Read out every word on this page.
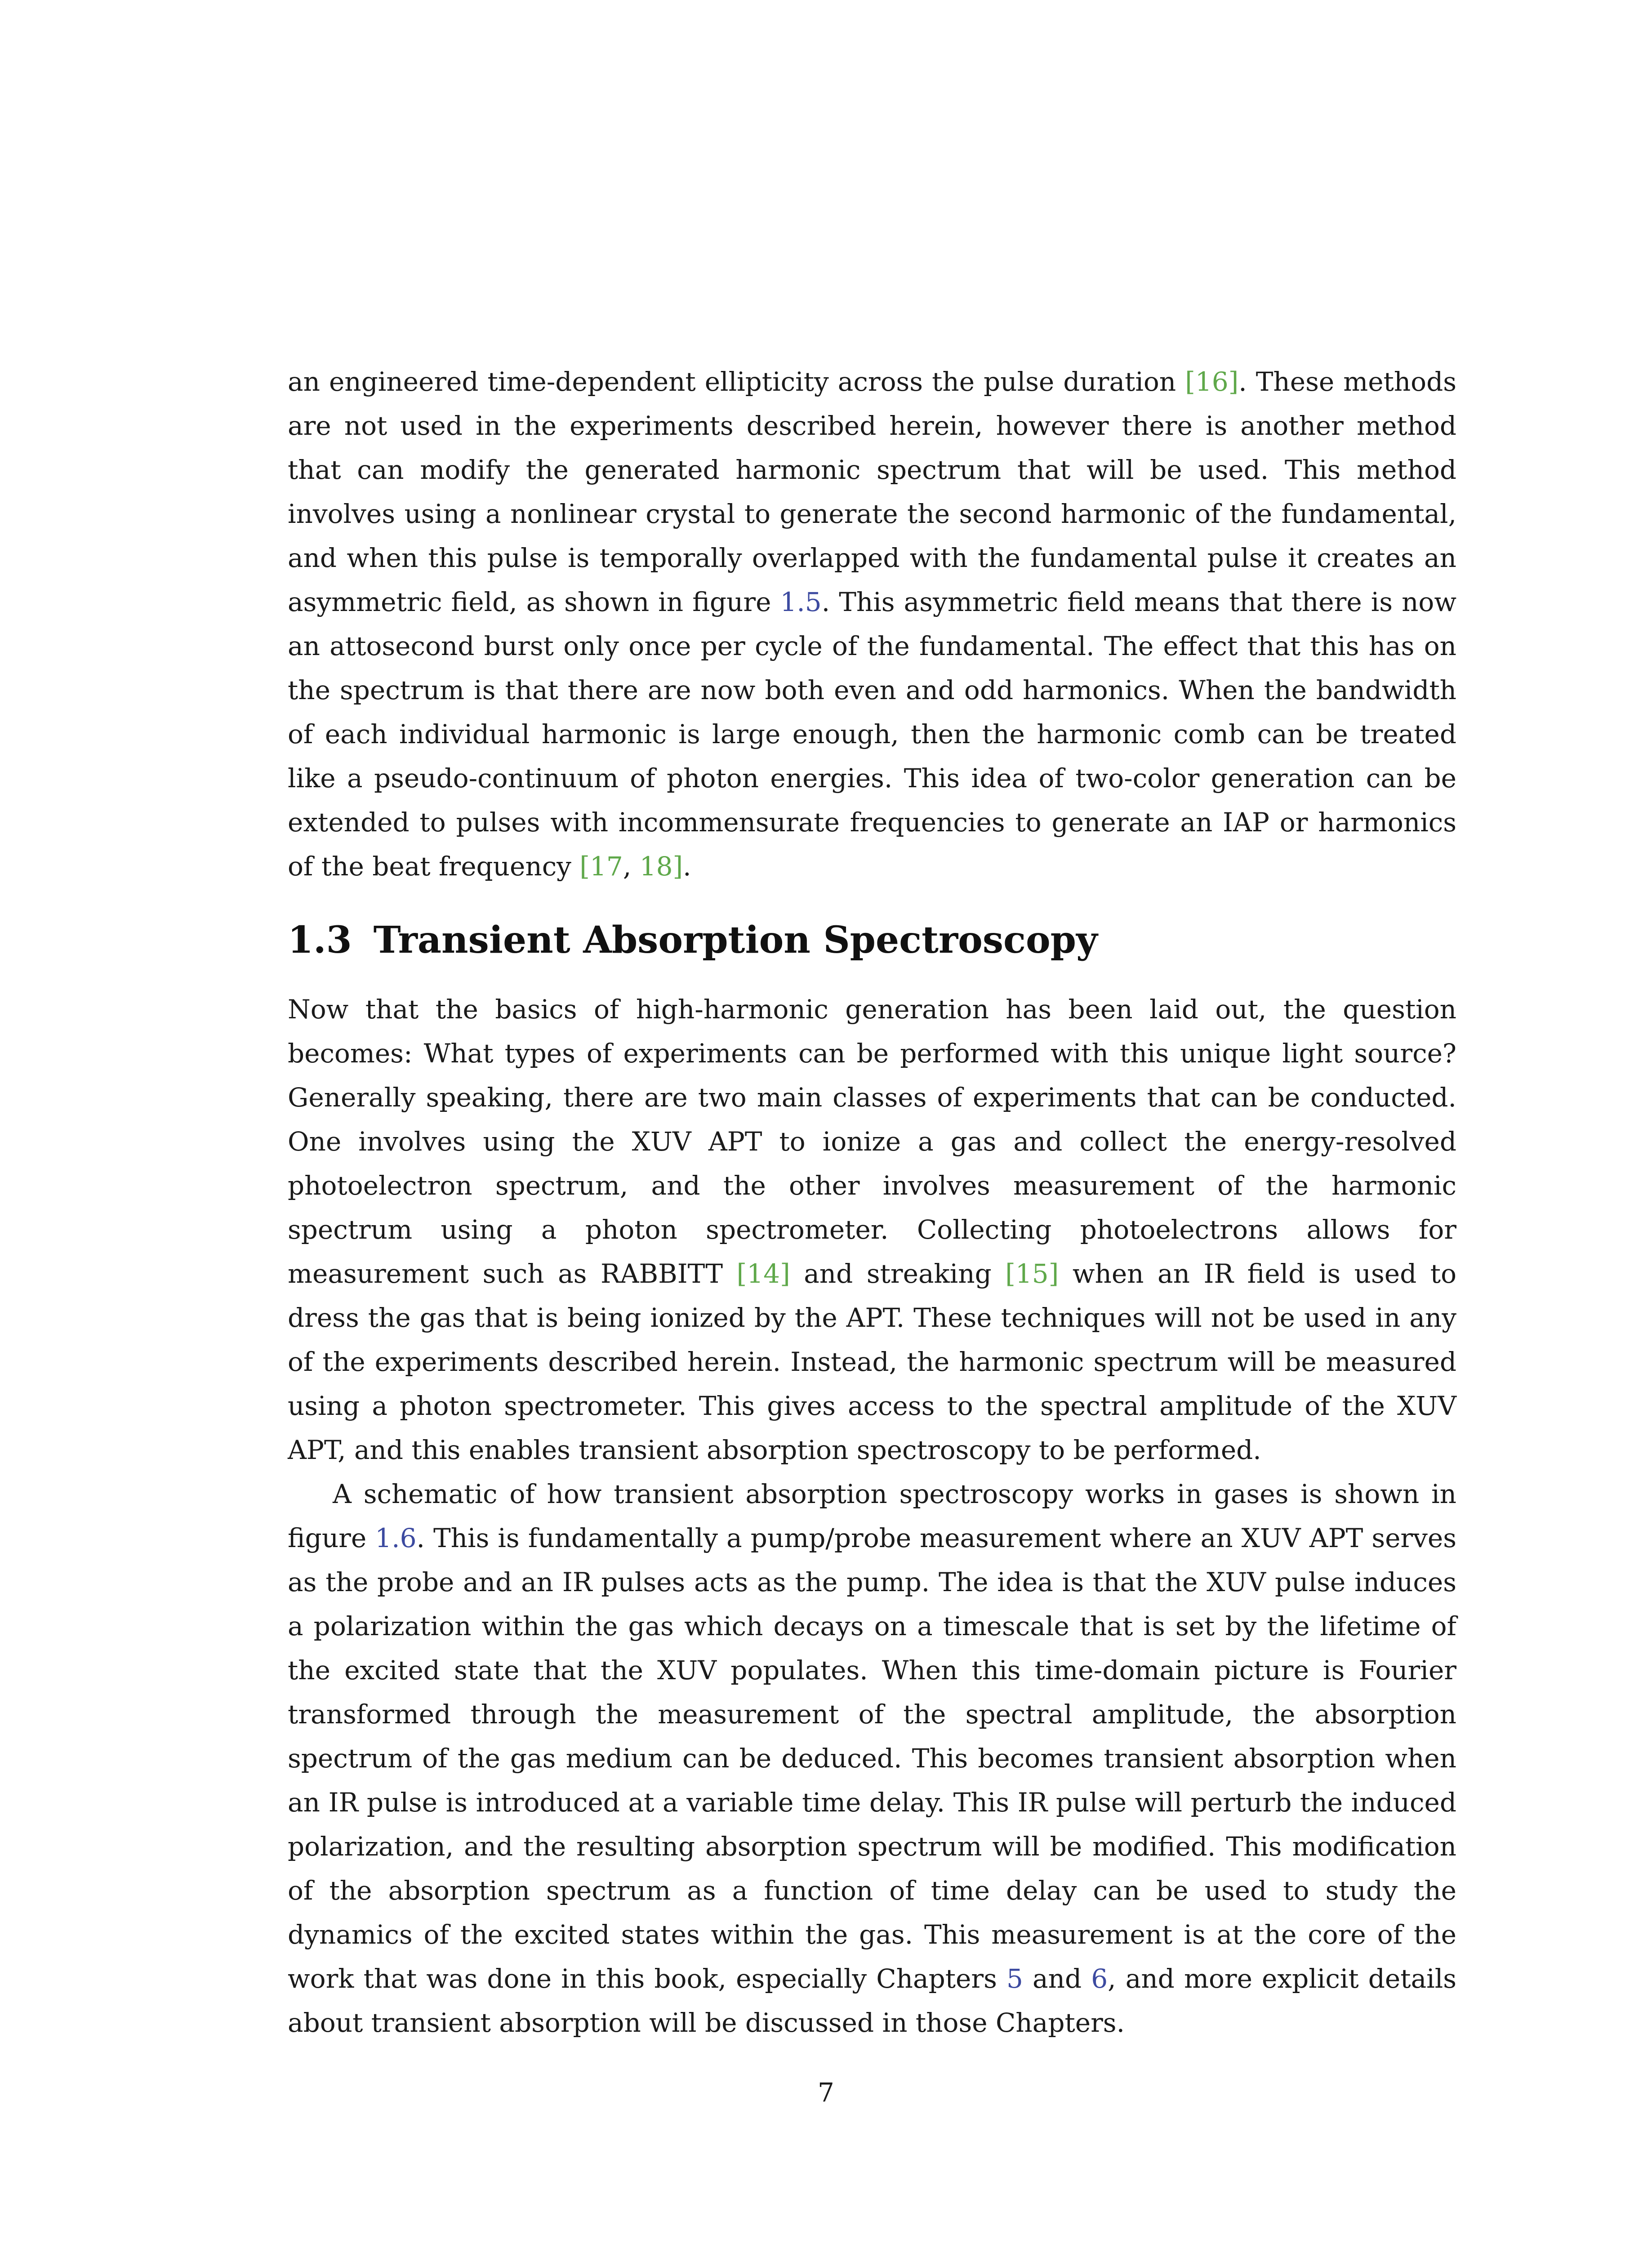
an engineered time-dependent ellipticity across the pulse duration [16]. These methods are not used in the experiments described herein, however there is another method that can modify the generated harmonic spectrum that will be used. This method involves using a nonlinear crystal to generate the second harmonic of the fundamental, and when this pulse is temporally overlapped with the fundamental pulse it creates an asymmetric field, as shown in figure 1.5. This asymmetric field means that there is now an attosecond burst only once per cycle of the fundamental. The effect that this has on the spectrum is that there are now both even and odd harmonics. When the bandwidth of each individual harmonic is large enough, then the harmonic comb can be treated like a pseudo-continuum of photon energies. This idea of two-color generation can be extended to pulses with incommensurate frequencies to generate an IAP or harmonics of the beat frequency [17, 18].

1.3 Transient Absorption Spectroscopy

Now that the basics of high-harmonic generation has been laid out, the question becomes: What types of experiments can be performed with this unique light source? Generally speaking, there are two main classes of experiments that can be conducted. One involves using the XUV APT to ionize a gas and collect the energy-resolved photoelectron spectrum, and the other involves measurement of the harmonic spectrum using a photon spectrometer. Collecting photoelectrons allows for measurement such as RABBITT [14] and streaking [15] when an IR field is used to dress the gas that is being ionized by the APT. These techniques will not be used in any of the experiments described herein. Instead, the harmonic spectrum will be measured using a photon spectrometer. This gives access to the spectral amplitude of the XUV APT, and this enables transient absorption spectroscopy to be performed.

A schematic of how transient absorption spectroscopy works in gases is shown in figure 1.6. This is fundamentally a pump/probe measurement where an XUV APT serves as the probe and an IR pulses acts as the pump. The idea is that the XUV pulse induces a polarization within the gas which decays on a timescale that is set by the lifetime of the excited state that the XUV populates. When this time-domain picture is Fourier transformed through the measurement of the spectral amplitude, the absorption spectrum of the gas medium can be deduced. This becomes transient absorption when an IR pulse is introduced at a variable time delay. This IR pulse will perturb the induced polarization, and the resulting absorption spectrum will be modified. This modification of the absorption spectrum as a function of time delay can be used to study the dynamics of the excited states within the gas. This measurement is at the core of the work that was done in this book, especially Chapters 5 and 6, and more explicit details about transient absorption will be discussed in those Chapters.

7
